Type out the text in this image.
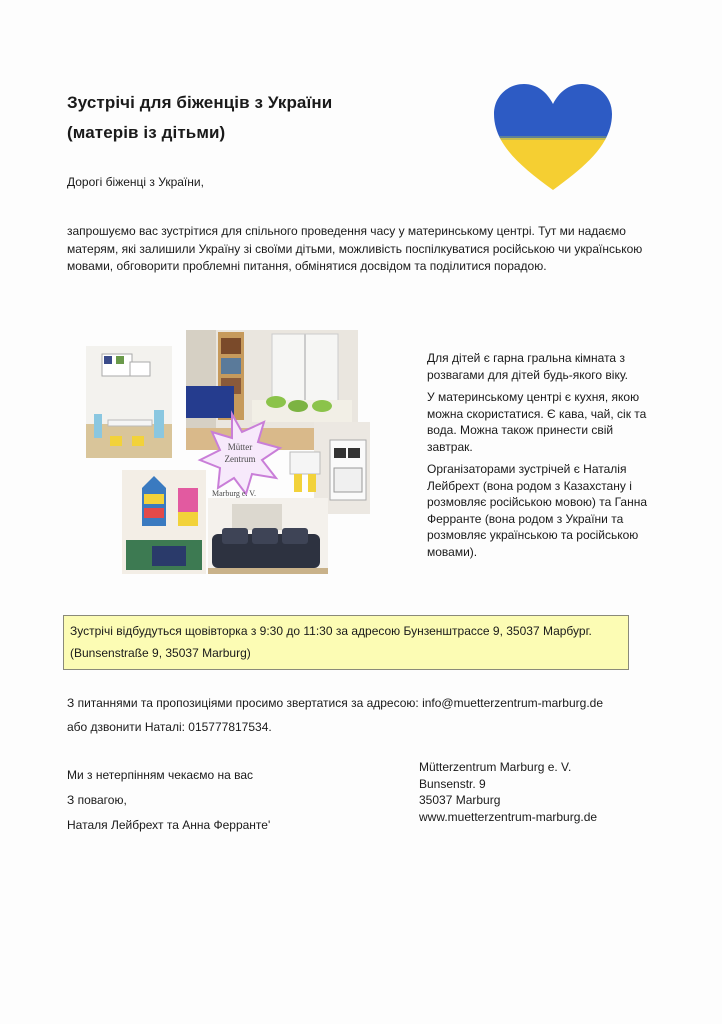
Зустрічі для біженців з України
(матерів із дітьми)
Дорогі біженці з України,
запрошуємо вас зустрітися для спільного проведення часу у материнському центрі. Тут ми надаємо матерям, які залишили Україну зі своїми дітьми, можливість поспілкуватися російською чи українською мовами, обговорити проблемні питання, обмінятися досвідом та поділитися порадою.
Mütter
Zentrum
Marburg e. V.

Для дітей є гарна гральна кімната з розвагами для дітей будь-якого віку.

У материнському центрі є кухня, якою можна скористатися. Є кава, чай, сік та вода. Можна також принести свій завтрак.

Організаторами зустрічей є Наталія Лейбрехт (вона родом з Казахстану і розмовляє російською мовою) та Ганна Ферранте (вона родом з України та розмовляє українською та російською мовами).

Зустрічі відбудуться щовівторка з 9:30 до 11:30 за адресою Бунзенштрассе 9, 35037 Марбург.
(Bunsenstraße 9, 35037 Marburg)
З питаннями та пропозиціями просимо звертатися за адресою: info@muetterzentrum-marburg.de
або дзвонити Наталі: 015777817534.
Ми з нетерпінням чекаємо на вас
З повагою,
Наталя Лейбрехт та Анна Ферранте'
Mütterzentrum Marburg e. V.
Bunsenstr. 9
35037 Marburg
www.muetterzentrum-marburg.de
